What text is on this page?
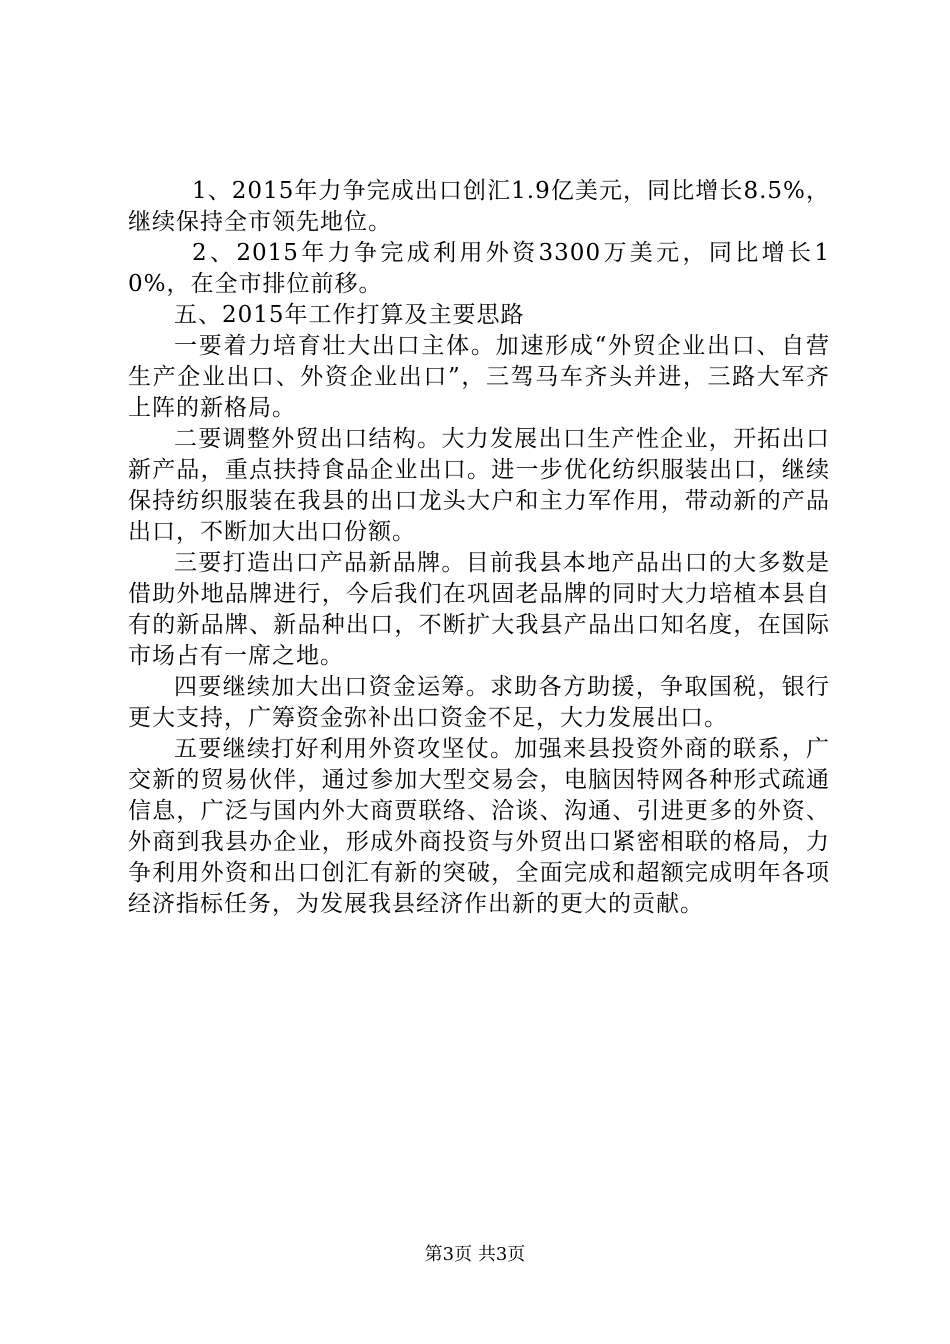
1、2015年力争完成出口创汇1.9亿美元，同比增长8.5%，继续保持全市领先地位。

2、2015年力争完成利用外资3300万美元，同比增长10%，在全市排位前移。

五、2015年工作打算及主要思路

一要着力培育壮大出口主体。加速形成“外贸企业出口、自营生产企业出口、外资企业出口”，三驾马车齐头并进，三路大军齐上阵的新格局。

二要调整外贸出口结构。大力发展出口生产性企业，开拓出口新产品，重点扶持食品企业出口。进一步优化纺织服装出口，继续保持纺织服装在我县的出口龙头大户和主力军作用，带动新的产品出口，不断加大出口份额。

三要打造出口产品新品牌。目前我县本地产品出口的大多数是借助外地品牌进行，今后我们在巩固老品牌的同时大力培植本县自有的新品牌、新品种出口，不断扩大我县产品出口知名度，在国际市场占有一席之地。

四要继续加大出口资金运筹。求助各方助援，争取国税，银行更大支持，广筹资金弥补出口资金不足，大力发展出口。

五要继续打好利用外资攻坚仗。加强来县投资外商的联系，广交新的贸易伙伴，通过参加大型交易会，电脑因特网各种形式疏通信息，广泛与国内外大商贾联络、洽谈、沟通、引进更多的外资、外商到我县办企业，形成外商投资与外贸出口紧密相联的格局，力争利用外资和出口创汇有新的突破，全面完成和超额完成明年各项经济指标任务，为发展我县经济作出新的更大的贡献。

第3页 共3页
